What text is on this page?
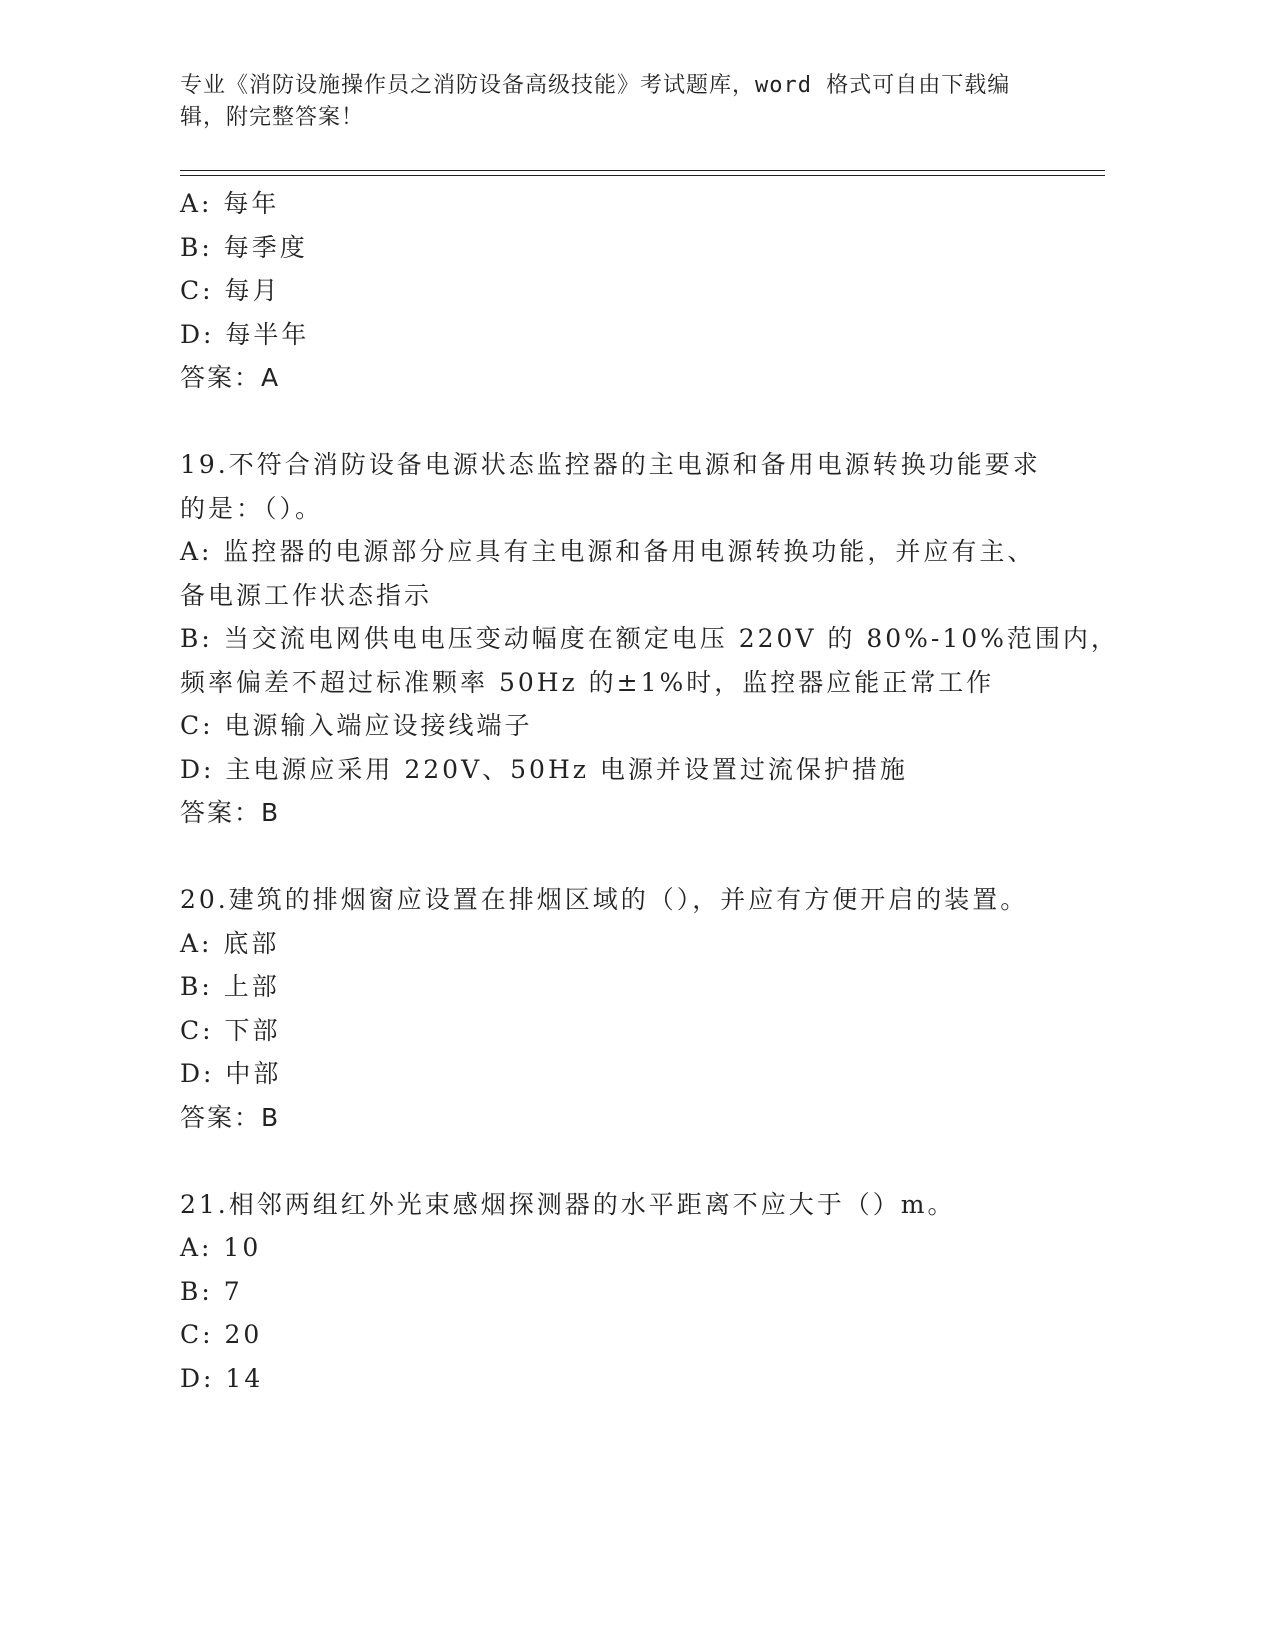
专业《消防设施操作员之消防设备高级技能》考试题库，word 格式可自由下载编
辑，附完整答案！
A: 每年
B: 每季度
C: 每月
D: 每半年
答案：A
19.不符合消防设备电源状态监控器的主电源和备用电源转换功能要求
的是：（）。
A: 监控器的电源部分应具有主电源和备用电源转换功能，并应有主、
备电源工作状态指示
B: 当交流电网供电电压变动幅度在额定电压 220V 的 80%-10%范围内，
频率偏差不超过标准颗率 50Hz 的±1%时，监控器应能正常工作
C: 电源输入端应设接线端子
D: 主电源应采用 220V、50Hz 电源并设置过流保护措施
答案：B
20.建筑的排烟窗应设置在排烟区域的（），并应有方便开启的装置。
A: 底部
B: 上部
C: 下部
D: 中部
答案：B
21.相邻两组红外光束感烟探测器的水平距离不应大于（）m。
A: 10
B: 7
C: 20
D: 14
